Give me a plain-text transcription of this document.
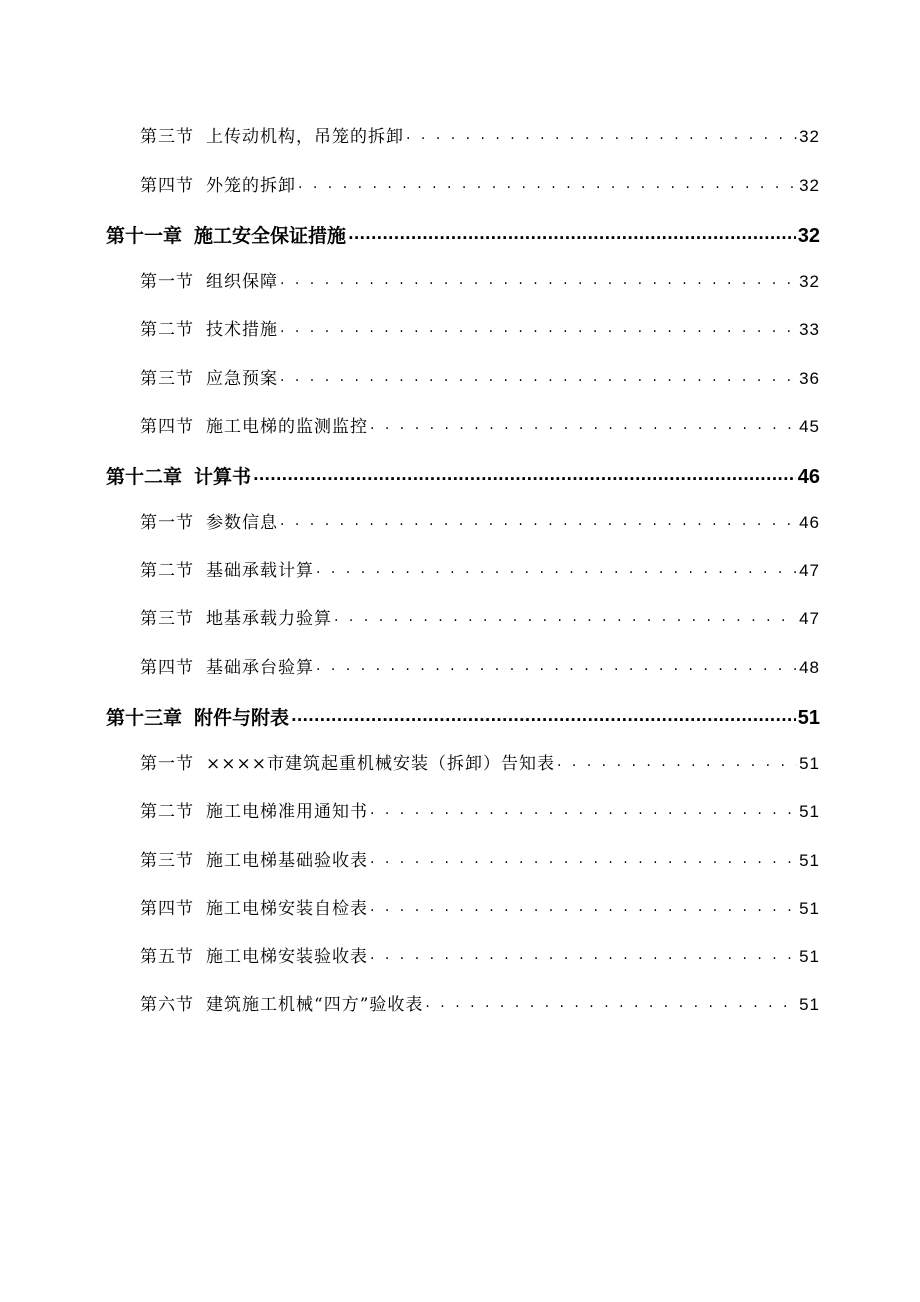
第三节 上传动机构，吊笼的拆卸 . . .	32
第四节 外笼的拆卸 . . .	32
第十一章 施工安全保证措施 .....	32
第一节 组织保障 . . .	32
第二节 技术措施 . . .	33
第三节 应急预案 . . .	36
第四节 施工电梯的监测监控 . . .	45
第十二章 计算书 .....	46
第一节 参数信息 . . .	46
第二节 基础承载计算 . . .	47
第三节 地基承载力验算 . . .	47
第四节 基础承台验算 . . .	48
第十三章 附件与附表 .....	51
第一节 ××××市建筑起重机械安装（拆卸）告知表 . . .	51
第二节 施工电梯准用通知书 . . .	51
第三节 施工电梯基础验收表 . . .	51
第四节 施工电梯安装自检表 . . .	51
第五节 施工电梯安装验收表 . . .	51
第六节 建筑施工机械“四方”验收表 . . .	51
